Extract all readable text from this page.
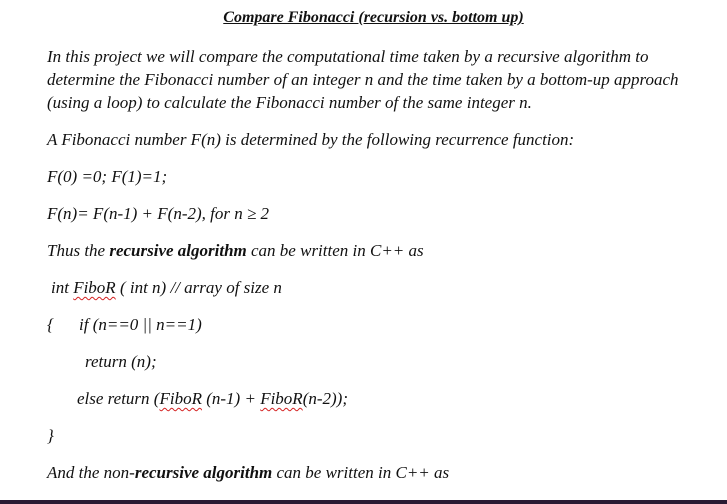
Compare Fibonacci (recursion vs. bottom up)
In this project we will compare the computational time taken by a recursive algorithm to determine the Fibonacci number of an integer n and the time taken by a bottom-up approach (using a loop) to calculate the Fibonacci number of the same integer n.
A Fibonacci number F(n) is determined by the following recurrence function:
F(0) =0; F(1)=1;
F(n)= F(n-1) + F(n-2), for n ≥ 2
Thus the recursive algorithm can be written in C++ as
int FiboR ( int n) // array of size n
{ if (n==0 || n==1)
return (n);
else return (FiboR (n-1) + FiboR(n-2));
}
And the non-recursive algorithm can be written in C++ as
